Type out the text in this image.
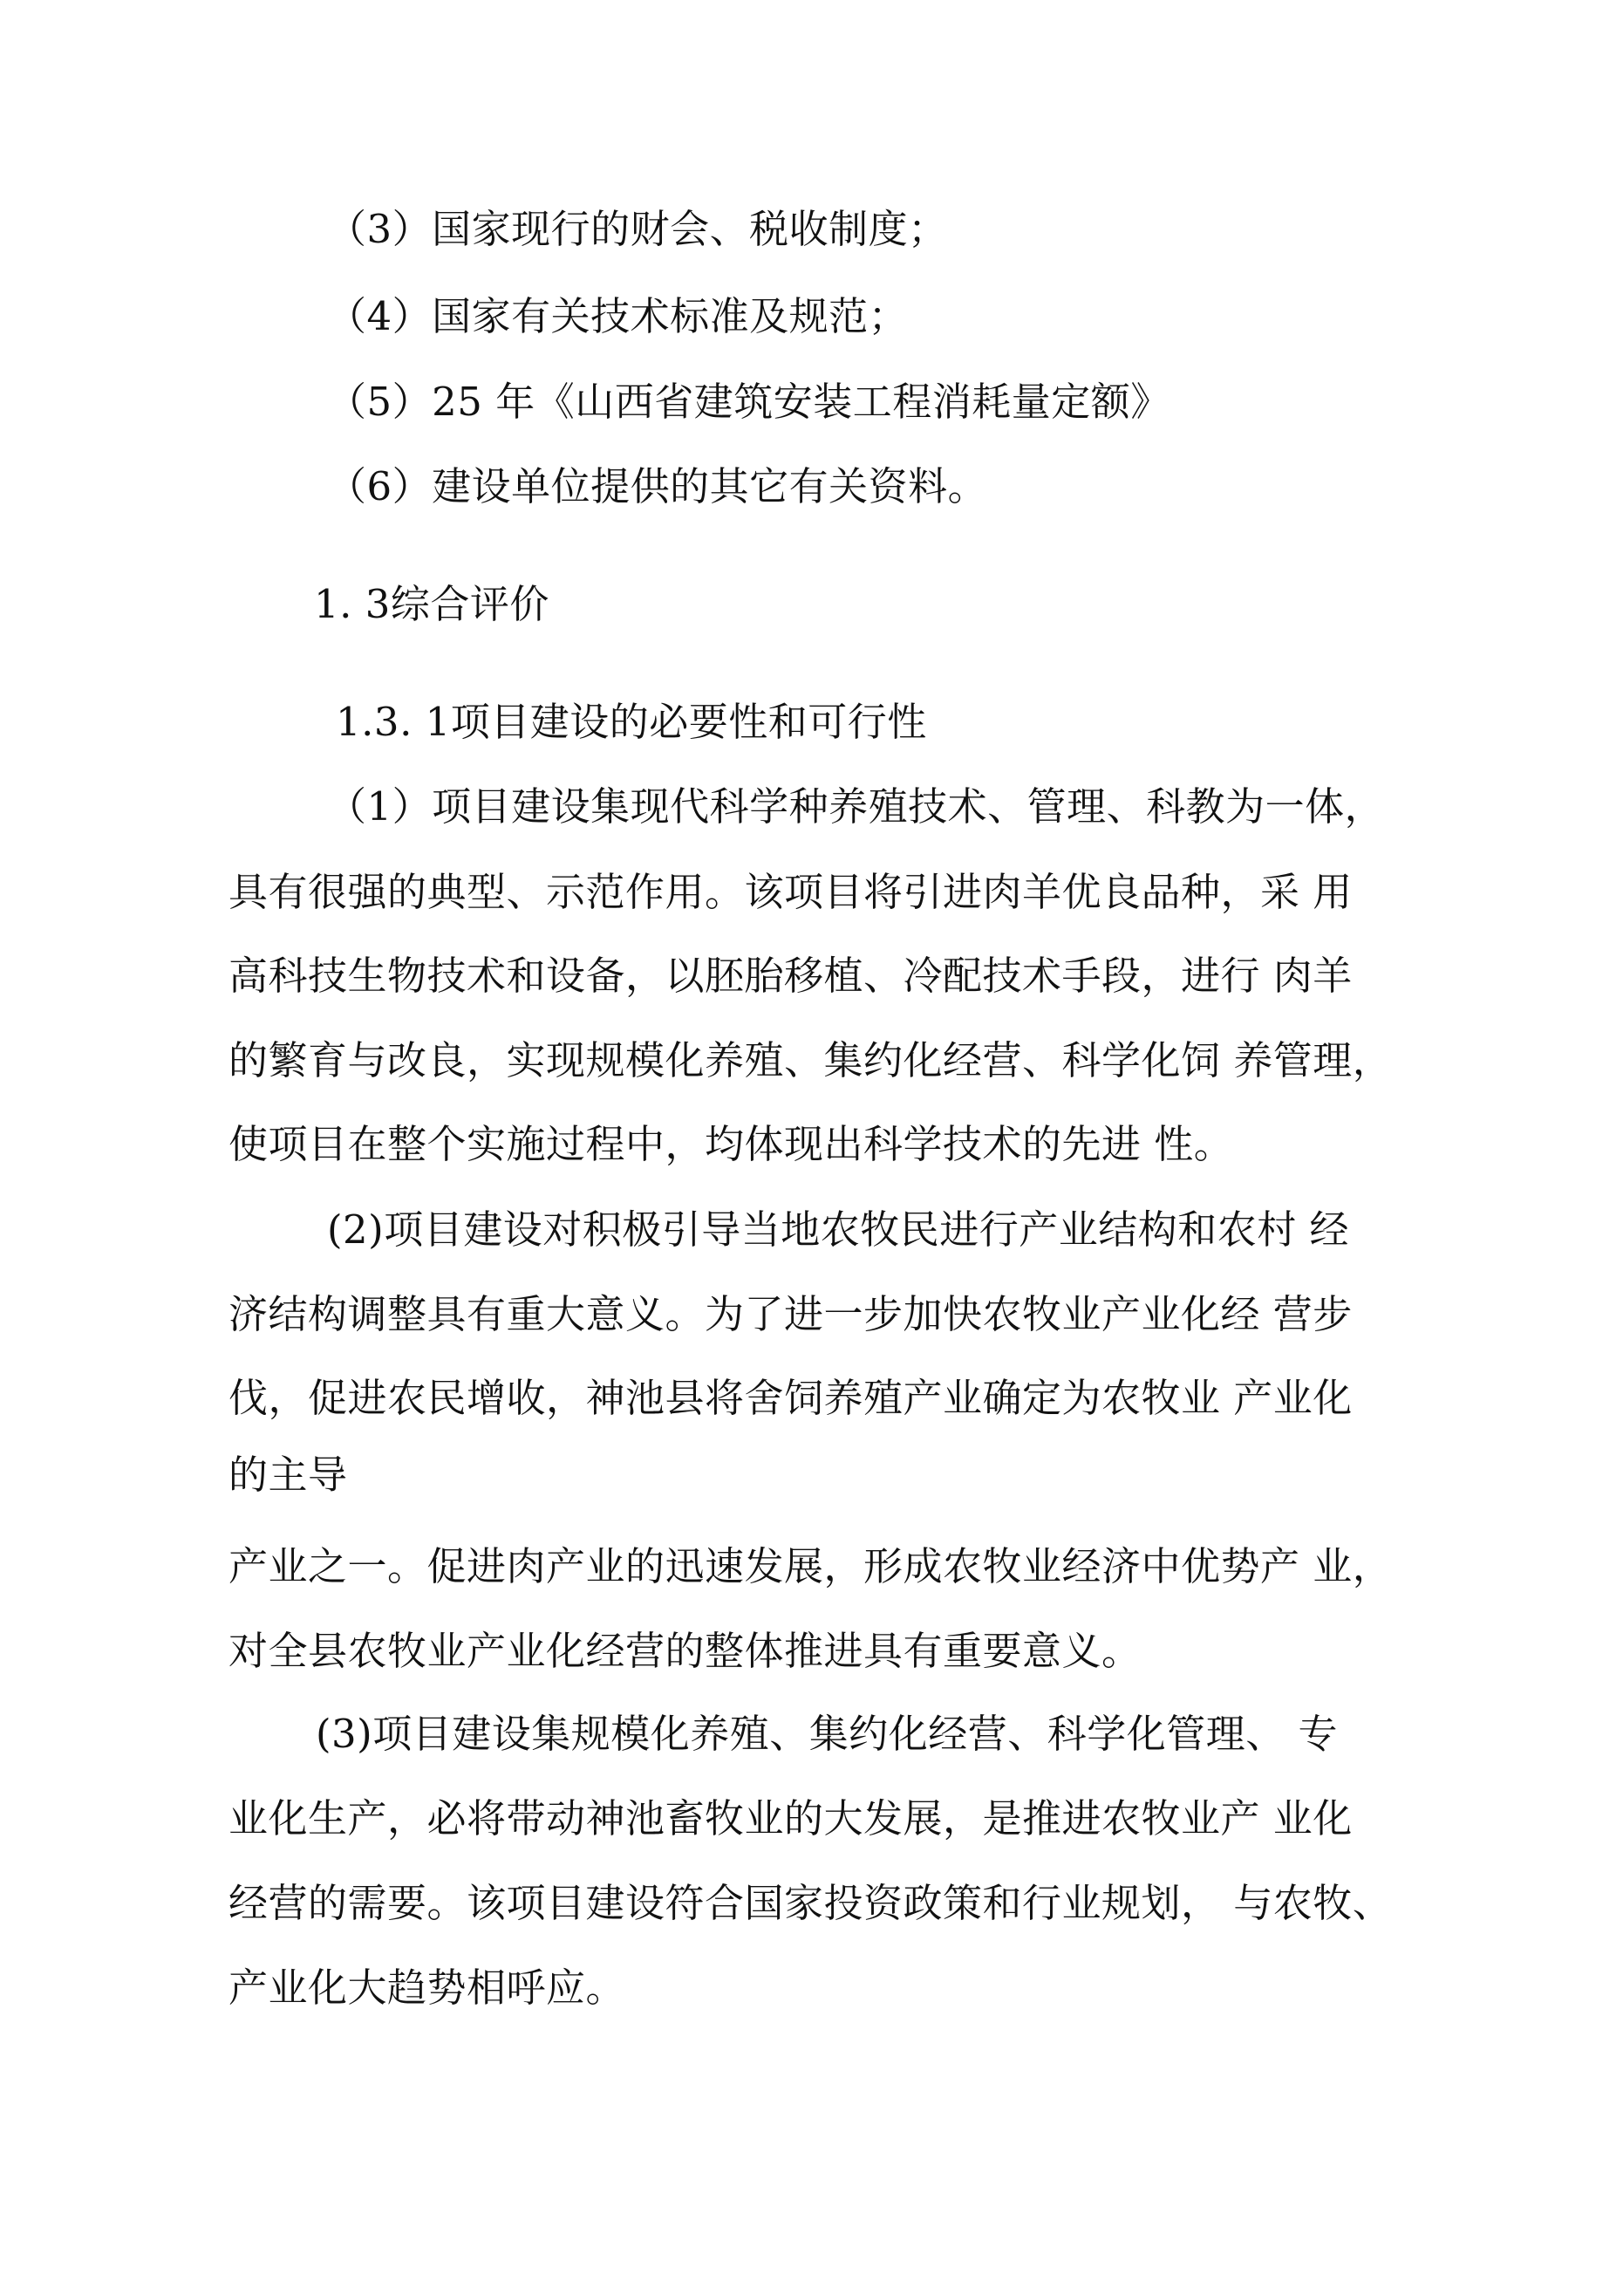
（3）国家现行的财会、税收制度；
（4）国家有关技术标准及规范；
（5）25 年《山西省建筑安装工程消耗量定额》
（6）建设单位提供的其它有关资料。
1. 3综合评价
1.3. 1项目建设的必要性和可行性
（1）项目建设集现代科学种养殖技术、管理、科教为一体，
具有很强的典型、示范作用。该项目将引进肉羊优良品种，采 用
高科技生物技术和设备，以胚胎移植、冷配技术手段，进行 肉羊
的繁育与改良，实现规模化养殖、集约化经营、科学化饲 养管理，
使项目在整个实施过程中，均体现出科学技术的先进 性。
(2)项目建设对积极引导当地农牧民进行产业结构和农村 经
济结构调整具有重大意义。为了进一步加快农牧业产业化经 营步
伐，促进农民增收，神池县将舍饲养殖产业确定为农牧业 产业化
的主导
产业之一。促进肉产业的迅速发展，形成农牧业经济中优势产 业，
对全县农牧业产业化经营的整体推进具有重要意义。
(3)项目建设集规模化养殖、集约化经营、科学化管理、 专
业化生产，必将带动神池畜牧业的大发展，是推进农牧业产 业化
经营的需要。该项目建设符合国家投资政策和行业规划， 与农牧、
产业化大趋势相呼应。
